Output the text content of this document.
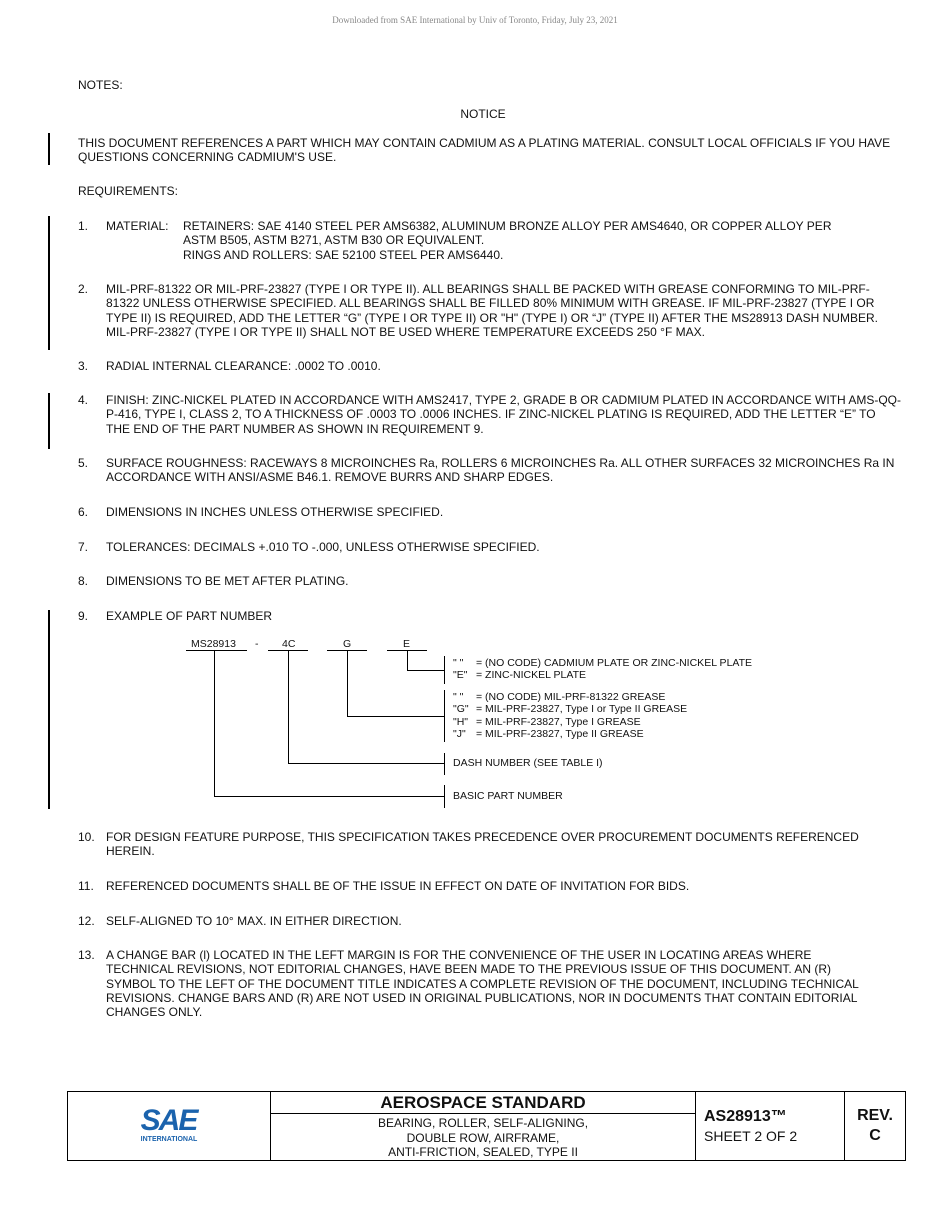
Downloaded from SAE International by Univ of Toronto, Friday, July 23, 2021
NOTES:
NOTICE
THIS DOCUMENT REFERENCES A PART WHICH MAY CONTAIN CADMIUM AS A PLATING MATERIAL. CONSULT LOCAL OFFICIALS IF YOU HAVE QUESTIONS CONCERNING CADMIUM'S USE.
REQUIREMENTS:
1.	MATERIAL: RETAINERS: SAE 4140 STEEL PER AMS6382, ALUMINUM BRONZE ALLOY PER AMS4640, OR COPPER ALLOY PER
ASTM B505, ASTM B271, ASTM B30 OR EQUIVALENT.
RINGS AND ROLLERS: SAE 52100 STEEL PER AMS6440.
2.	MIL-PRF-81322 OR MIL-PRF-23827 (TYPE I OR TYPE II). ALL BEARINGS SHALL BE PACKED WITH GREASE CONFORMING TO MIL-PRF-81322 UNLESS OTHERWISE SPECIFIED. ALL BEARINGS SHALL BE FILLED 80% MINIMUM WITH GREASE. IF MIL-PRF-23827 (TYPE I OR TYPE II) IS REQUIRED, ADD THE LETTER “G” (TYPE I OR TYPE II) OR "H" (TYPE I) OR “J” (TYPE II) AFTER THE MS28913 DASH NUMBER. MIL-PRF-23827 (TYPE I OR TYPE II) SHALL NOT BE USED WHERE TEMPERATURE EXCEEDS 250 °F MAX.
3.	RADIAL INTERNAL CLEARANCE: .0002 TO .0010.
4.	FINISH: ZINC-NICKEL PLATED IN ACCORDANCE WITH AMS2417, TYPE 2, GRADE B OR CADMIUM PLATED IN ACCORDANCE WITH AMS-QQ-P-416, TYPE I, CLASS 2, TO A THICKNESS OF .0003 TO .0006 INCHES. IF ZINC-NICKEL PLATING IS REQUIRED, ADD THE LETTER “E” TO THE END OF THE PART NUMBER AS SHOWN IN REQUIREMENT 9.
5.	SURFACE ROUGHNESS: RACEWAYS 8 MICROINCHES Ra, ROLLERS 6 MICROINCHES Ra. ALL OTHER SURFACES 32 MICROINCHES Ra IN ACCORDANCE WITH ANSI/ASME B46.1. REMOVE BURRS AND SHARP EDGES.
6.	DIMENSIONS IN INCHES UNLESS OTHERWISE SPECIFIED.
7.	TOLERANCES: DECIMALS +.010 TO -.000, UNLESS OTHERWISE SPECIFIED.
8.	DIMENSIONS TO BE MET AFTER PLATING.
9.	EXAMPLE OF PART NUMBER
MS28913 - 4C	G	E
" " = (NO CODE) CADMIUM PLATE OR ZINC-NICKEL PLATE
"E" = ZINC-NICKEL PLATE
" " = (NO CODE) MIL-PRF-81322 GREASE
"G" = MIL-PRF-23827, Type I or Type II GREASE
"H" = MIL-PRF-23827, Type I GREASE
"J" = MIL-PRF-23827, Type II GREASE
DASH NUMBER (SEE TABLE I)
BASIC PART NUMBER
10. FOR DESIGN FEATURE PURPOSE, THIS SPECIFICATION TAKES PRECEDENCE OVER PROCUREMENT DOCUMENTS REFERENCED HEREIN.
11.	REFERENCED DOCUMENTS SHALL BE OF THE ISSUE IN EFFECT ON DATE OF INVITATION FOR BIDS.
12. SELF-ALIGNED TO 10° MAX. IN EITHER DIRECTION.
13. A CHANGE BAR (l) LOCATED IN THE LEFT MARGIN IS FOR THE CONVENIENCE OF THE USER IN LOCATING AREAS WHERE TECHNICAL REVISIONS, NOT EDITORIAL CHANGES, HAVE BEEN MADE TO THE PREVIOUS ISSUE OF THIS DOCUMENT. AN (R) SYMBOL TO THE LEFT OF THE DOCUMENT TITLE INDICATES A COMPLETE REVISION OF THE DOCUMENT, INCLUDING TECHNICAL REVISIONS. CHANGE BARS AND (R) ARE NOT USED IN ORIGINAL PUBLICATIONS, NOR IN DOCUMENTS THAT CONTAIN EDITORIAL CHANGES ONLY.
SAE
INTERNATIONAL

AEROSPACE STANDARD
BEARING, ROLLER, SELF-ALIGNING,
DOUBLE ROW, AIRFRAME,
ANTI-FRICTION, SEALED, TYPE II

AS28913™
SHEET 2 OF 2

REV.
C
